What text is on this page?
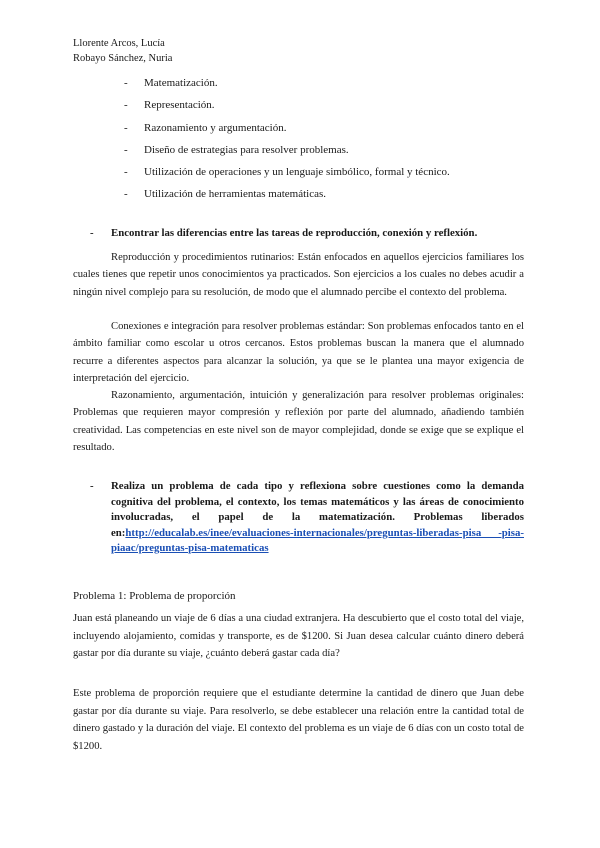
Llorente Arcos, Lucía
Robayo Sánchez, Nuria
- Matematización.
- Representación.
- Razonamiento y argumentación.
- Diseño de estrategias para resolver problemas.
- Utilización de operaciones y un lenguaje simbólico, formal y técnico.
- Utilización de herramientas matemáticas.
- Encontrar las diferencias entre las tareas de reproducción, conexión y reflexión.

Reproducción y procedimientos rutinarios: Están enfocados en aquellos ejercicios familiares los cuales tienes que repetir unos conocimientos ya practicados. Son ejercicios a los cuales no debes acudir a ningún nivel complejo para su resolución, de modo que el alumnado percibe el contexto del problema.

Conexiones e integración para resolver problemas estándar: Son problemas enfocados tanto en el ámbito familiar como escolar u otros cercanos. Estos problemas buscan la manera que el alumnado recurre a diferentes aspectos para alcanzar la solución, ya que se le plantea una mayor exigencia de interpretación del ejercicio.

Razonamiento, argumentación, intuición y generalización para resolver problemas originales: Problemas que requieren mayor compresión y reflexión por parte del alumnado, añadiendo también creatividad. Las competencias en este nivel son de mayor complejidad, donde se exige que se explique el resultado.

- Realiza un problema de cada tipo y reflexiona sobre cuestiones como la demanda cognitiva del problema, el contexto, los temas matemáticos y las áreas de conocimiento involucradas, el papel de la matematización. Problemas liberados en:http://educalab.es/inee/evaluaciones-internacionales/preguntas-liberadas-pisa -pisa-piaac/preguntas-pisa-matematicas
Problema 1: Problema de proporción

Juan está planeando un viaje de 6 días a una ciudad extranjera. Ha descubierto que el costo total del viaje, incluyendo alojamiento, comidas y transporte, es de $1200. Si Juan desea calcular cuánto dinero deberá gastar por día durante su viaje, ¿cuánto deberá gastar cada día?

Este problema de proporción requiere que el estudiante determine la cantidad de dinero que Juan debe gastar por día durante su viaje. Para resolverlo, se debe establecer una relación entre la cantidad total de dinero gastado y la duración del viaje. El contexto del problema es un viaje de 6 días con un costo total de $1200.
